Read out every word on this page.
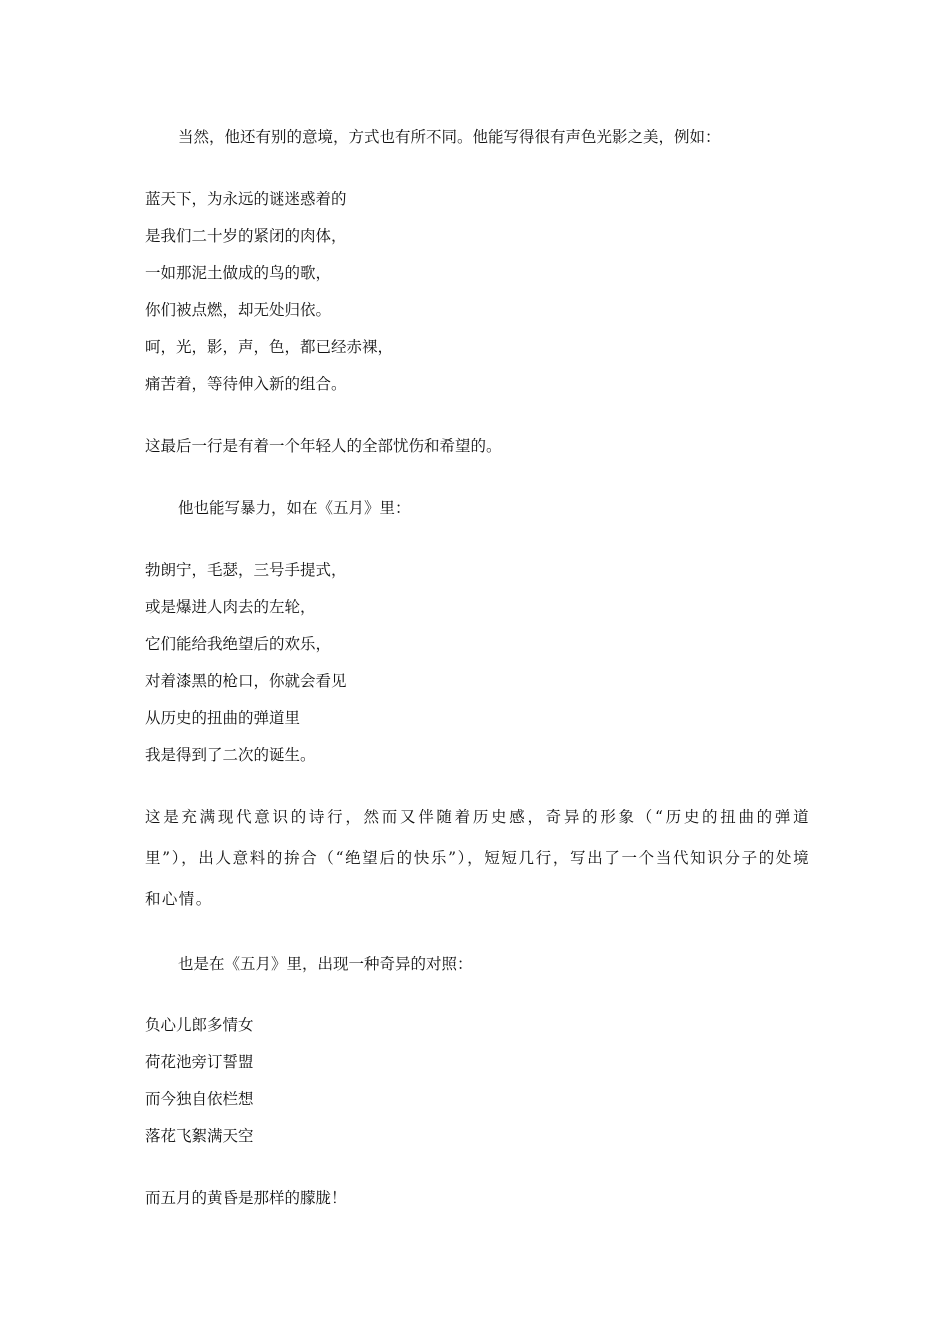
当然，他还有别的意境，方式也有所不同。他能写得很有声色光影之美，例如：

蓝天下，为永远的谜迷惑着的

是我们二十岁的紧闭的肉体，

一如那泥土做成的鸟的歌，

你们被点燃，却无处归依。

呵，光，影，声，色，都已经赤裸，

痛苦着，等待伸入新的组合。

这最后一行是有着一个年轻人的全部忧伤和希望的。

他也能写暴力，如在《五月》里：

勃朗宁，毛瑟，三号手提式，

或是爆进人肉去的左轮，

它们能给我绝望后的欢乐，

对着漆黑的枪口，你就会看见

从历史的扭曲的弹道里

我是得到了二次的诞生。

这是充满现代意识的诗行，然而又伴随着历史感，奇异的形象（“历史的扭曲的弹道里”），出人意料的拚合（“绝望后的快乐”），短短几行，写出了一个当代知识分子的处境和心情。

也是在《五月》里，出现一种奇异的对照：

负心儿郎多情女

荷花池旁订誓盟

而今独自依栏想

落花飞絮满天空

而五月的黄昏是那样的朦胧！
